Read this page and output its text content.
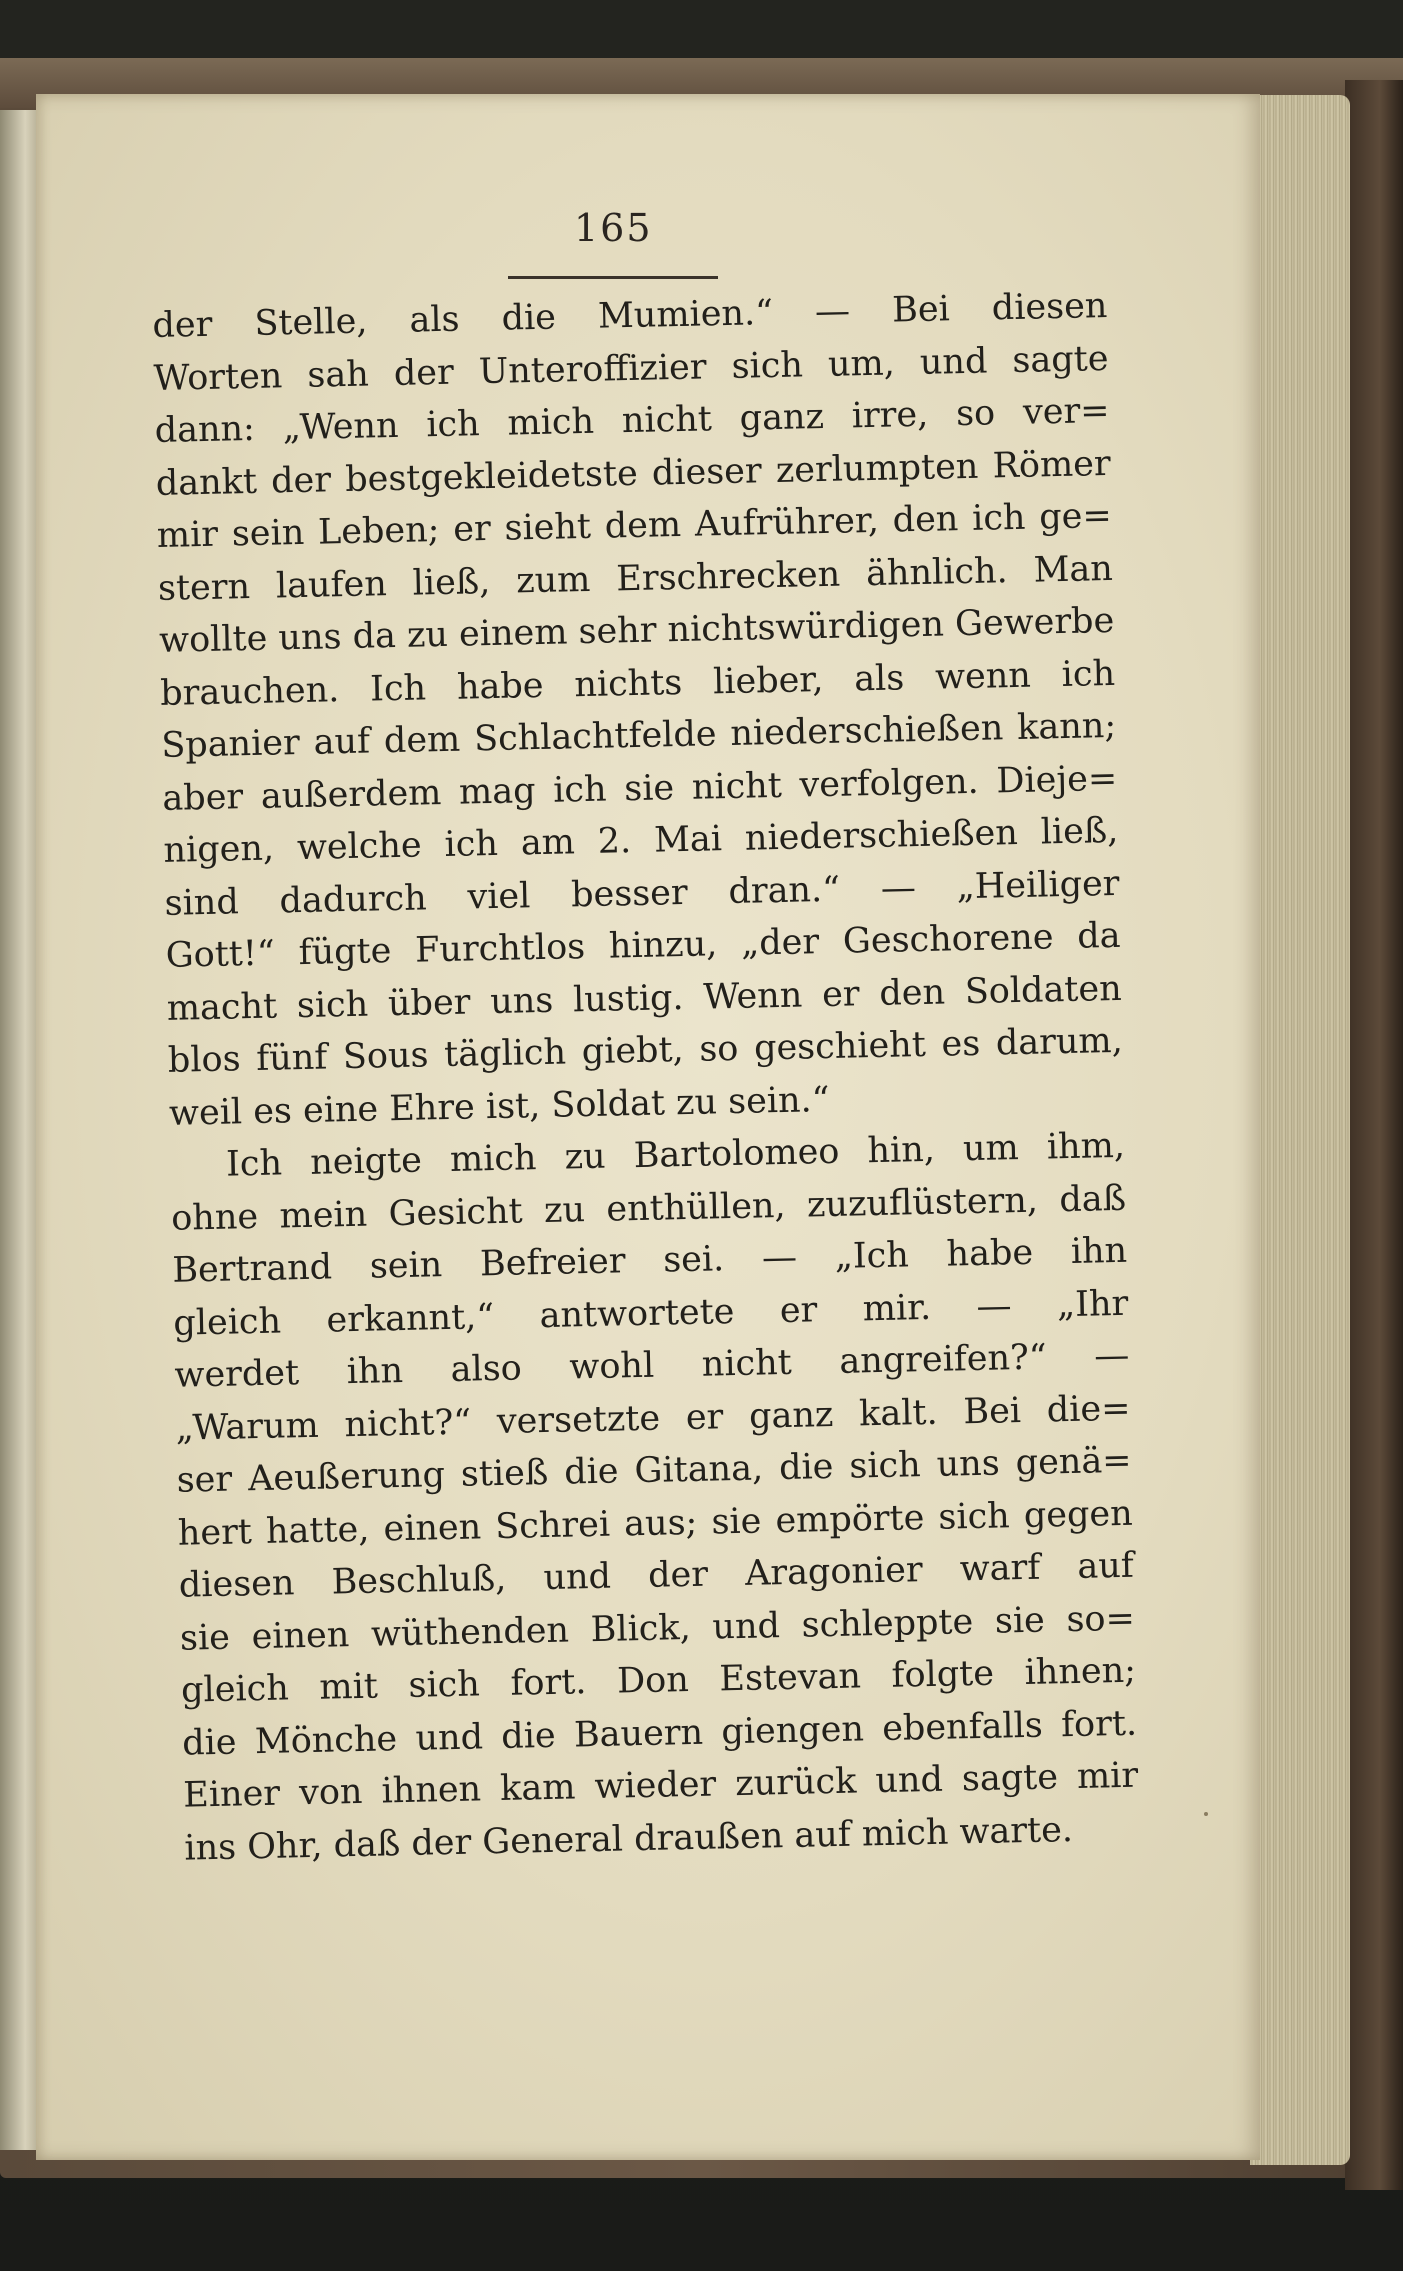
165
der Stelle, als die Mumien.“ — Bei diesen
Worten sah der Unteroffizier sich um, und sagte
dann: „Wenn ich mich nicht ganz irre, so ver=
dankt der bestgekleidetste dieser zerlumpten Römer
mir sein Leben; er sieht dem Aufrührer, den ich ge=
stern laufen ließ, zum Erschrecken ähnlich. Man
wollte uns da zu einem sehr nichtswürdigen Gewerbe
brauchen. Ich habe nichts lieber, als wenn ich
Spanier auf dem Schlachtfelde niederschießen kann;
aber außerdem mag ich sie nicht verfolgen. Dieje=
nigen, welche ich am 2. Mai niederschießen ließ,
sind dadurch viel besser dran.“ — „Heiliger
Gott!“ fügte Furchtlos hinzu, „der Geschorene da
macht sich über uns lustig. Wenn er den Soldaten
blos fünf Sous täglich giebt, so geschieht es darum,
weil es eine Ehre ist, Soldat zu sein.“
Ich neigte mich zu Bartolomeo hin, um ihm,
ohne mein Gesicht zu enthüllen, zuzuflüstern, daß
Bertrand sein Befreier sei. — „Ich habe ihn
gleich erkannt,“ antwortete er mir. — „Ihr
werdet ihn also wohl nicht angreifen?“ —
„Warum nicht?“ versetzte er ganz kalt. Bei die=
ser Aeußerung stieß die Gitana, die sich uns genä=
hert hatte, einen Schrei aus; sie empörte sich gegen
diesen Beschluß, und der Aragonier warf auf
sie einen wüthenden Blick, und schleppte sie so=
gleich mit sich fort. Don Estevan folgte ihnen;
die Mönche und die Bauern giengen ebenfalls fort.
Einer von ihnen kam wieder zurück und sagte mir
ins Ohr, daß der General draußen auf mich warte.
